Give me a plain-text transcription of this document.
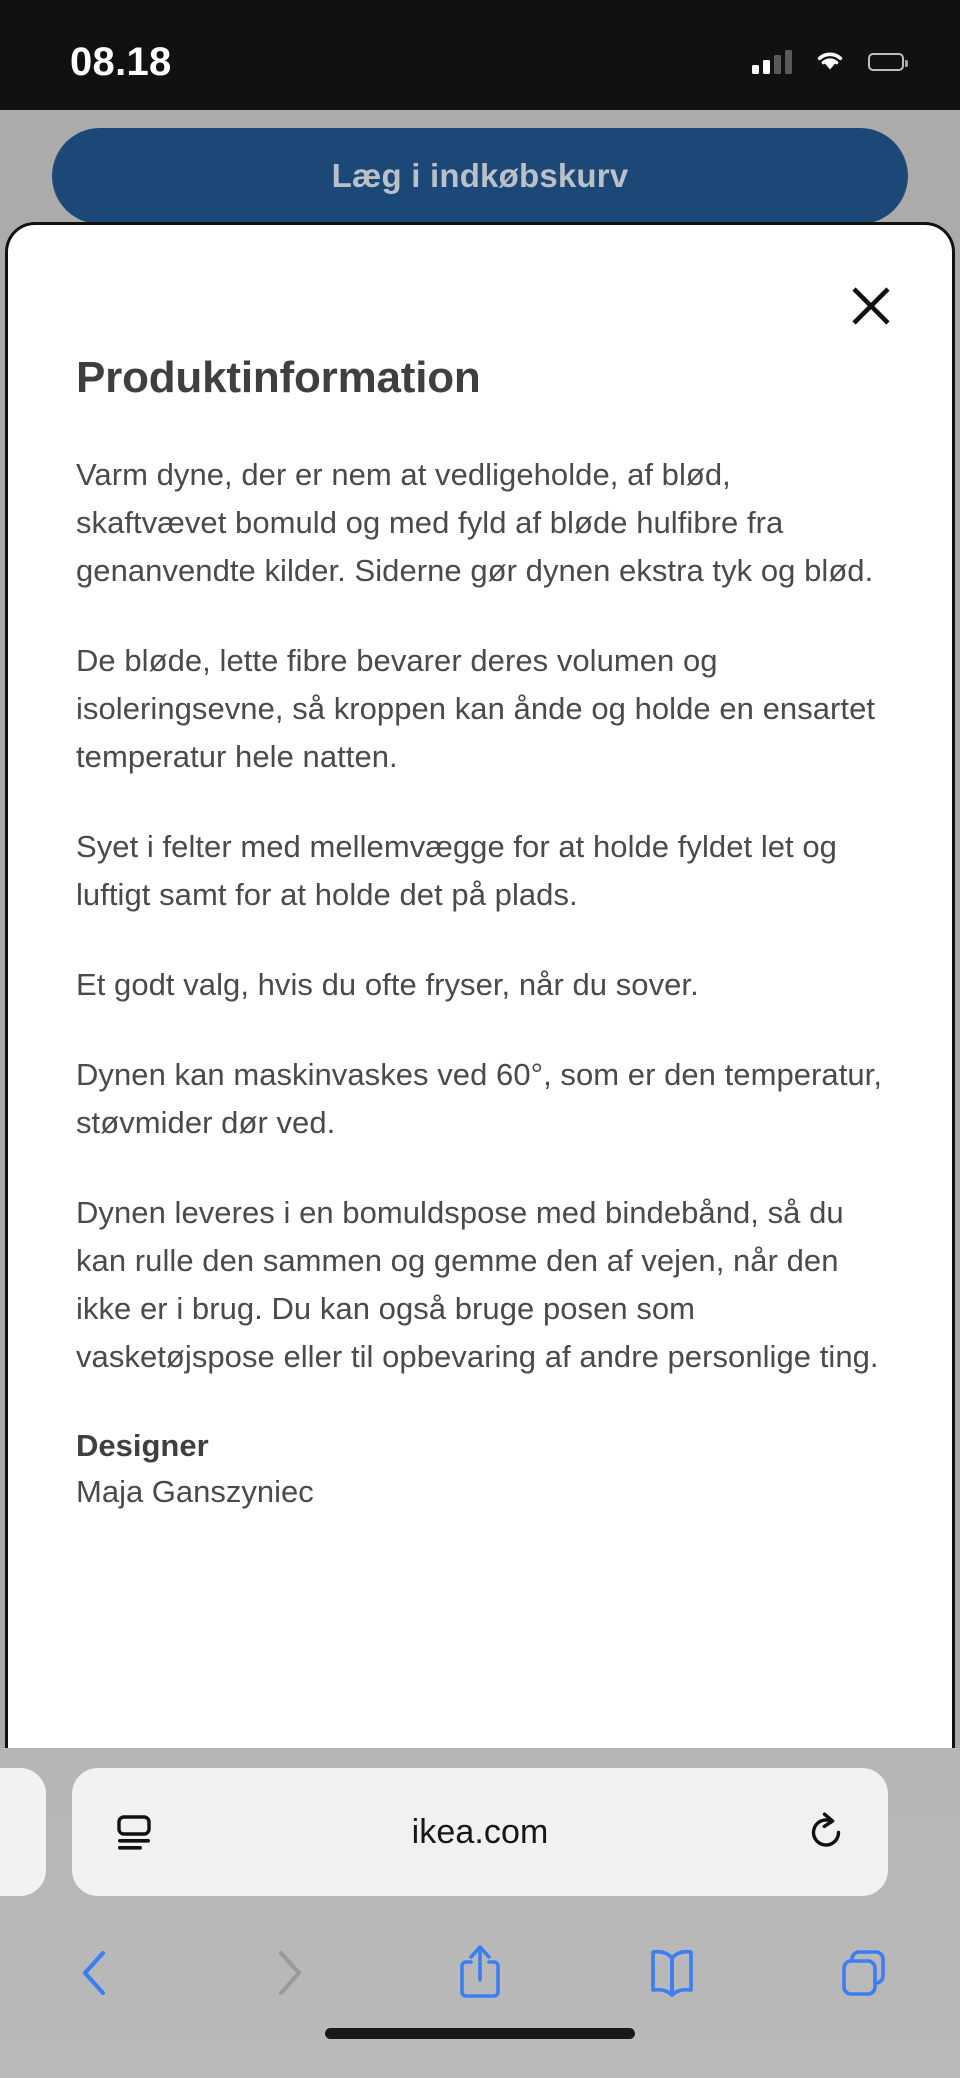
08.18
Læg i indkøbskurv
Produktinformation

Varm dyne, der er nem at vedligeholde, af blød, skaftvævet bomuld og med fyld af bløde hulfibre fra genanvendte kilder. Siderne gør dynen ekstra tyk og blød.

De bløde, lette fibre bevarer deres volumen og isoleringsevne, så kroppen kan ånde og holde en ensartet temperatur hele natten.

Syet i felter med mellemvægge for at holde fyldet let og luftigt samt for at holde det på plads.

Et godt valg, hvis du ofte fryser, når du sover.

Dynen kan maskinvaskes ved 60°, som er den temperatur, støvmider dør ved.

Dynen leveres i en bomuldspose med bindebånd, så du kan rulle den sammen og gemme den af vejen, når den ikke er i brug. Du kan også bruge posen som vasketøjspose eller til opbevaring af andre personlige ting.

Designer
Maja Ganszyniec
ikea.com
